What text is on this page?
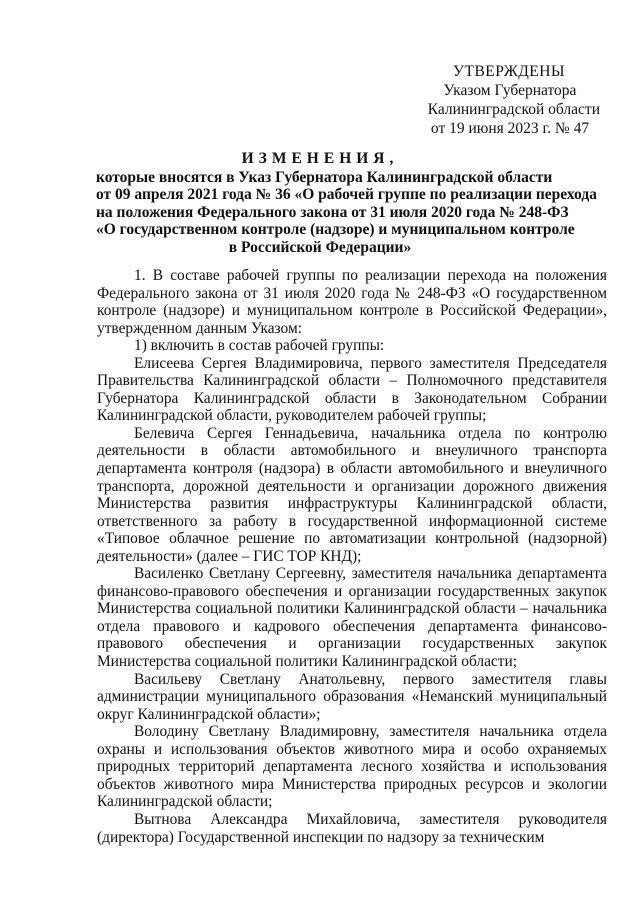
УТВЕРЖДЕНЫ
Указом Губернатора
Калининградской области
от 19 июня 2023 г. № 47
ИЗМЕНЕНИЯ,
которые вносятся в Указ Губернатора Калининградской области
от 09 апреля 2021 года № 36 «О рабочей группе по реализации перехода
на положения Федерального закона от 31 июля 2020 года № 248-ФЗ
«О государственном контроле (надзоре) и муниципальном контроле
в Российской Федерации»

1. В составе рабочей группы по реализации перехода на положения Федерального закона от 31 июля 2020 года № 248-ФЗ «О государственном контроле (надзоре) и муниципальном контроле в Российской Федерации», утвержденном данным Указом:

1) включить в состав рабочей группы:

Елисеева Сергея Владимировича, первого заместителя Председателя Правительства Калининградской области – Полномочного представителя Губернатора Калининградской области в Законодательном Собрании Калининградской области, руководителем рабочей группы;

Белевича Сергея Геннадьевича, начальника отдела по контролю деятельности в области автомобильного и внеуличного транспорта департамента контроля (надзора) в области автомобильного и внеуличного транспорта, дорожной деятельности и организации дорожного движения Министерства развития инфраструктуры Калининградской области, ответственного за работу в государственной информационной системе «Типовое облачное решение по автоматизации контрольной (надзорной) деятельности» (далее – ГИС ТОР КНД);

Василенко Светлану Сергеевну, заместителя начальника департамента финансово-правового обеспечения и организации государственных закупок Министерства социальной политики Калининградской области – начальника отдела правового и кадрового обеспечения департамента финансово-правового обеспечения и организации государственных закупок Министерства социальной политики Калининградской области;

Васильеву Светлану Анатольевну, первого заместителя главы администрации муниципального образования «Неманский муниципальный округ Калининградской области»;

Володину Светлану Владимировну, заместителя начальника отдела охраны и использования объектов животного мира и особо охраняемых природных территорий департамента лесного хозяйства и использования объектов животного мира Министерства природных ресурсов и экологии Калининградской области;

Вытнова Александра Михайловича, заместителя руководителя (директора) Государственной инспекции по надзору за техническим
